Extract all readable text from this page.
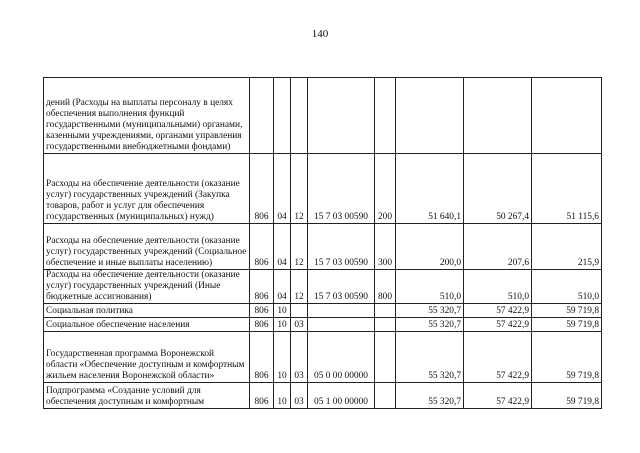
140
дений (Расходы на выплаты персоналу в целях обеспечения выполнения функций государственными (муниципальными) органами, казенными учреждениями, органами управления государственными внебюджетными фондами)								
Расходы на обеспечение деятельности (оказание услуг) государственных учреждений (Закупка товаров, работ и услуг для обеспечения государственных (муниципальных) нужд)	806	04	12	15 7 03 00590	200	51 640,1	50 267,4	51 115,6
Расходы на обеспечение деятельности (оказание услуг) государственных учреждений (Социальное обеспечение и иные выплаты населению)	806	04	12	15 7 03 00590	300	200,0	207,6	215,9
Расходы на обеспечение деятельности (оказание услуг) государственных учреждений (Иные бюджетные ассигнования)	806	04	12	15 7 03 00590	800	510,0	510,0	510,0
Социальная политика	806	10				55 320,7	57 422,9	59 719,8
Социальное обеспечение населения	806	10	03			55 320,7	57 422,9	59 719,8
Государственная программа Воронежской области «Обеспечение доступным и комфортным жильем населения Воронежской области»	806	10	03	05 0 00 00000		55 320,7	57 422,9	59 719,8
Подпрограмма «Создание условий для обеспечения доступным и комфортным	806	10	03	05 1 00 00000		55 320,7	57 422,9	59 719,8
